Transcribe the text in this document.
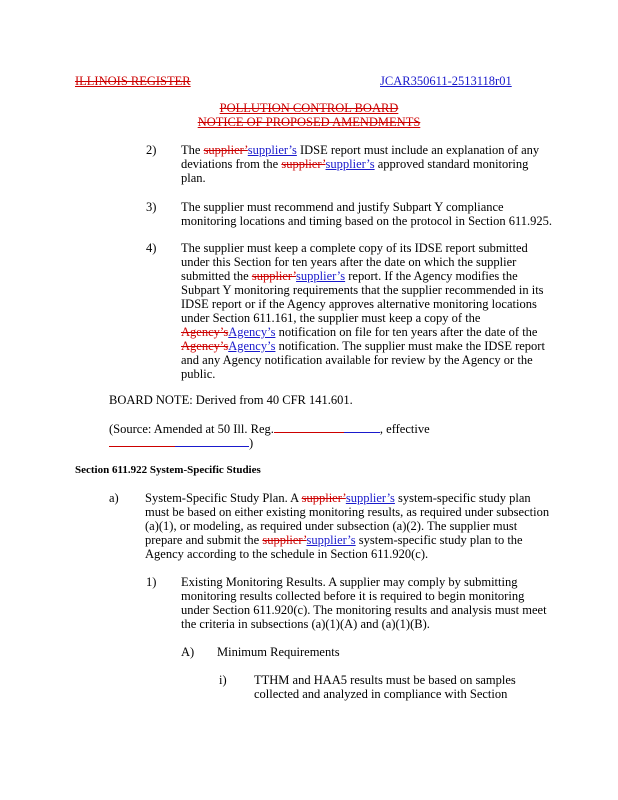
ILLINOIS REGISTER	JCAR350611-2513118r01
POLLUTION CONTROL BOARD
NOTICE OF PROPOSED AMENDMENTS
2) The supplier’supplier’s IDSE report must include an explanation of any
deviations from the supplier’supplier’s approved standard monitoring
plan.
3) The supplier must recommend and justify Subpart Y compliance
monitoring locations and timing based on the protocol in Section 611.925.
4) The supplier must keep a complete copy of its IDSE report submitted
under this Section for ten years after the date on which the supplier
submitted the supplier’supplier’s report. If the Agency modifies the
Subpart Y monitoring requirements that the supplier recommended in its
IDSE report or if the Agency approves alternative monitoring locations
under Section 611.161, the supplier must keep a copy of the
Agency’sAgency’s notification on file for ten years after the date of the
Agency’sAgency’s notification. The supplier must make the IDSE report
and any Agency notification available for review by the Agency or the
public.
BOARD NOTE: Derived from 40 CFR 141.601.
(Source: Amended at 50 Ill. Reg.	, effective
)
Section 611.922 System-Specific Studies
a) System-Specific Study Plan. A supplier’supplier’s system-specific study plan
must be based on either existing monitoring results, as required under subsection
(a)(1), or modeling, as required under subsection (a)(2). The supplier must
prepare and submit the supplier’supplier’s system-specific study plan to the
Agency according to the schedule in Section 611.920(c).
1) Existing Monitoring Results. A supplier may comply by submitting
monitoring results collected before it is required to begin monitoring
under Section 611.920(c). The monitoring results and analysis must meet
the criteria in subsections (a)(1)(A) and (a)(1)(B).
A) Minimum Requirements
i) TTHM and HAA5 results must be based on samples
collected and analyzed in compliance with Section
